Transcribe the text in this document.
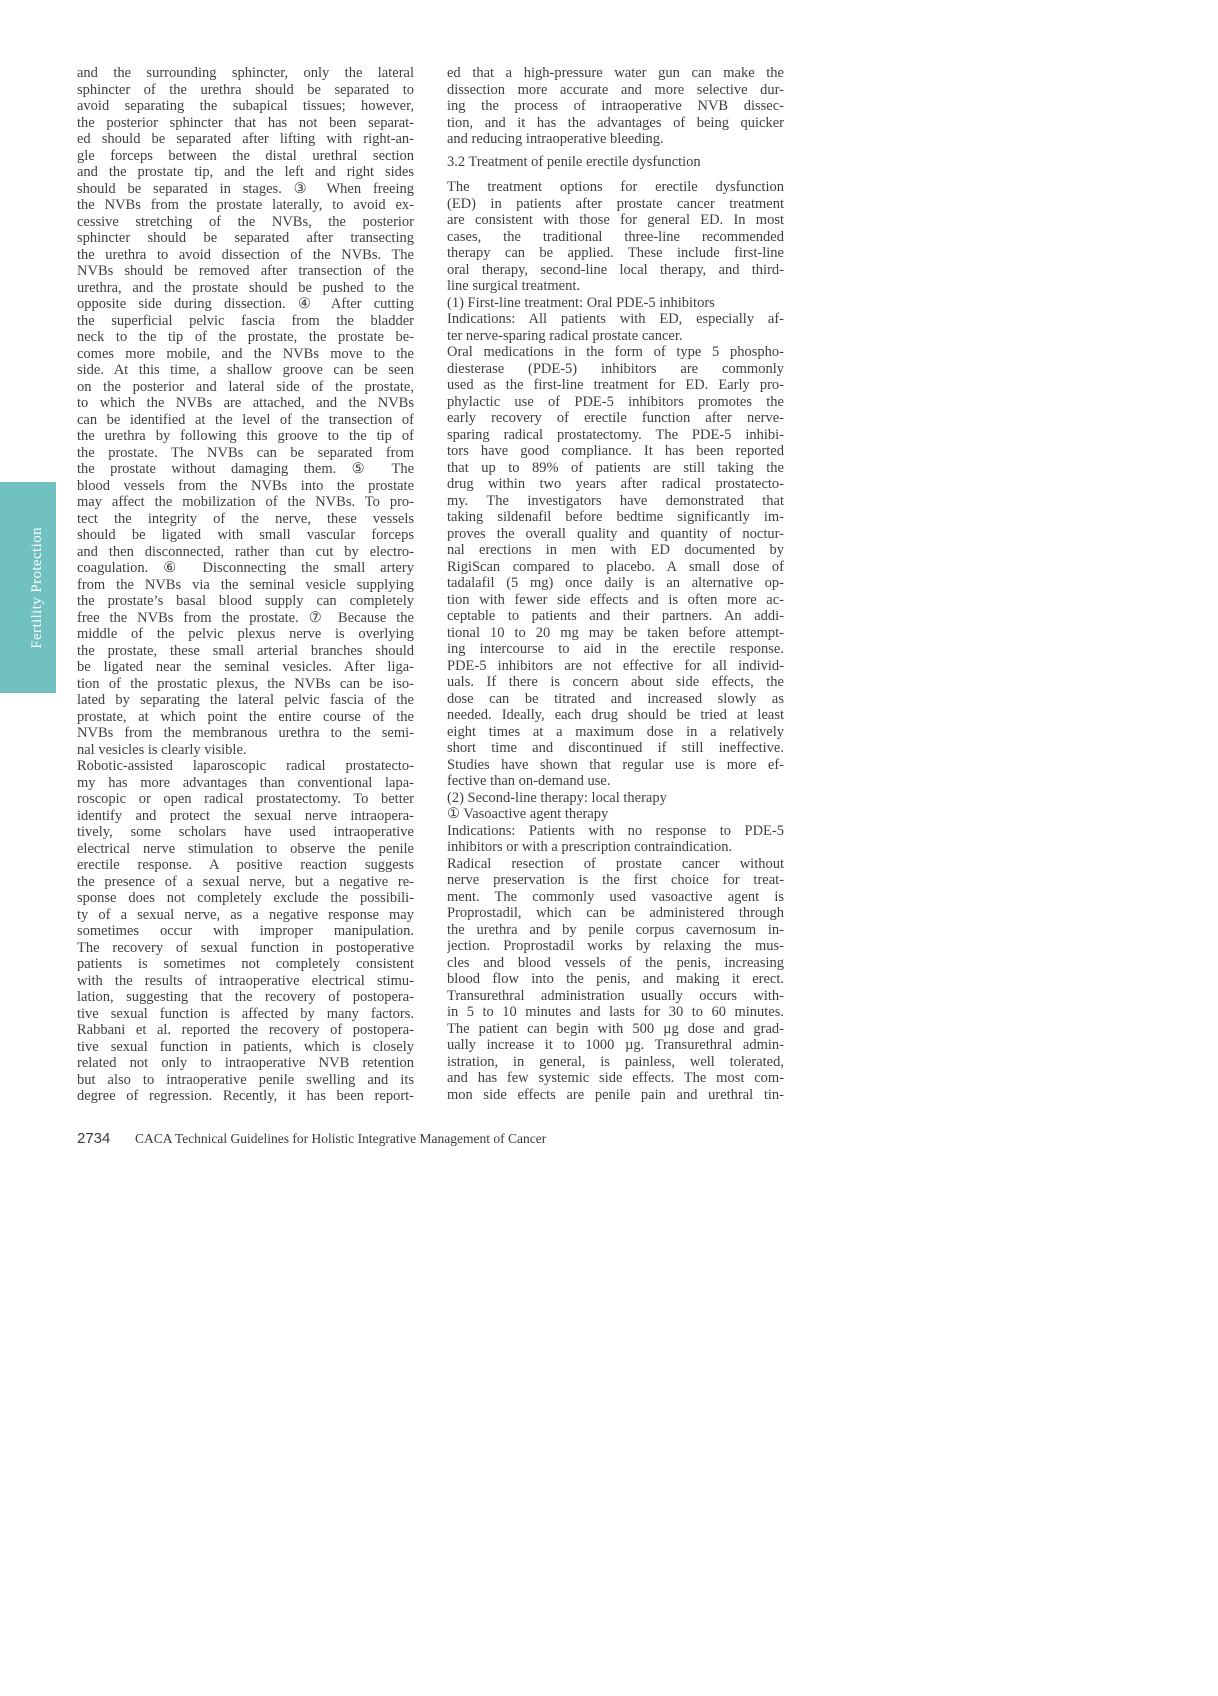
Fertility Protection
and the surrounding sphincter, only the lateral
sphincter of the urethra should be separated to
avoid separating the subapical tissues; however,
the posterior sphincter that has not been separat-
ed should be separated after lifting with right-an-
gle forceps between the distal urethral section
and the prostate tip, and the left and right sides
should be separated in stages. ③ When freeing
the NVBs from the prostate laterally, to avoid ex-
cessive stretching of the NVBs, the posterior
sphincter should be separated after transecting
the urethra to avoid dissection of the NVBs. The
NVBs should be removed after transection of the
urethra, and the prostate should be pushed to the
opposite side during dissection. ④ After cutting
the superficial pelvic fascia from the bladder
neck to the tip of the prostate, the prostate be-
comes more mobile, and the NVBs move to the
side. At this time, a shallow groove can be seen
on the posterior and lateral side of the prostate,
to which the NVBs are attached, and the NVBs
can be identified at the level of the transection of
the urethra by following this groove to the tip of
the prostate. The NVBs can be separated from
the prostate without damaging them. ⑤ The
blood vessels from the NVBs into the prostate
may affect the mobilization of the NVBs. To pro-
tect the integrity of the nerve, these vessels
should be ligated with small vascular forceps
and then disconnected, rather than cut by electro-
coagulation. ⑥ Disconnecting the small artery
from the NVBs via the seminal vesicle supplying
the prostate’s basal blood supply can completely
free the NVBs from the prostate. ⑦ Because the
middle of the pelvic plexus nerve is overlying
the prostate, these small arterial branches should
be ligated near the seminal vesicles. After liga-
tion of the prostatic plexus, the NVBs can be iso-
lated by separating the lateral pelvic fascia of the
prostate, at which point the entire course of the
NVBs from the membranous urethra to the semi-
nal vesicles is clearly visible.
Robotic-assisted laparoscopic radical prostatecto-
my has more advantages than conventional lapa-
roscopic or open radical prostatectomy. To better
identify and protect the sexual nerve intraopera-
tively, some scholars have used intraoperative
electrical nerve stimulation to observe the penile
erectile response. A positive reaction suggests
the presence of a sexual nerve, but a negative re-
sponse does not completely exclude the possibili-
ty of a sexual nerve, as a negative response may
sometimes occur with improper manipulation.
The recovery of sexual function in postoperative
patients is sometimes not completely consistent
with the results of intraoperative electrical stimu-
lation, suggesting that the recovery of postopera-
tive sexual function is affected by many factors.
Rabbani et al. reported the recovery of postopera-
tive sexual function in patients, which is closely
related not only to intraoperative NVB retention
but also to intraoperative penile swelling and its
degree of regression. Recently, it has been report-
ed that a high-pressure water gun can make the
dissection more accurate and more selective dur-
ing the process of intraoperative NVB dissec-
tion, and it has the advantages of being quicker
and reducing intraoperative bleeding.
3.2 Treatment of penile erectile dysfunction
The treatment options for erectile dysfunction
(ED) in patients after prostate cancer treatment
are consistent with those for general ED. In most
cases, the traditional three-line recommended
therapy can be applied. These include first-line
oral therapy, second-line local therapy, and third-
line surgical treatment.
(1) First-line treatment: Oral PDE-5 inhibitors
Indications: All patients with ED, especially af-
ter nerve-sparing radical prostate cancer.
Oral medications in the form of type 5 phospho-
diesterase (PDE-5) inhibitors are commonly
used as the first-line treatment for ED. Early pro-
phylactic use of PDE-5 inhibitors promotes the
early recovery of erectile function after nerve-
sparing radical prostatectomy. The PDE-5 inhibi-
tors have good compliance. It has been reported
that up to 89% of patients are still taking the
drug within two years after radical prostatecto-
my. The investigators have demonstrated that
taking sildenafil before bedtime significantly im-
proves the overall quality and quantity of noctur-
nal erections in men with ED documented by
RigiScan compared to placebo. A small dose of
tadalafil (5 mg) once daily is an alternative op-
tion with fewer side effects and is often more ac-
ceptable to patients and their partners. An addi-
tional 10 to 20 mg may be taken before attempt-
ing intercourse to aid in the erectile response.
PDE-5 inhibitors are not effective for all individ-
uals. If there is concern about side effects, the
dose can be titrated and increased slowly as
needed. Ideally, each drug should be tried at least
eight times at a maximum dose in a relatively
short time and discontinued if still ineffective.
Studies have shown that regular use is more ef-
fective than on-demand use.
(2) Second-line therapy: local therapy
① Vasoactive agent therapy
Indications: Patients with no response to PDE-5
inhibitors or with a prescription contraindication.
Radical resection of prostate cancer without
nerve preservation is the first choice for treat-
ment. The commonly used vasoactive agent is
Proprostadil, which can be administered through
the urethra and by penile corpus cavernosum in-
jection. Proprostadil works by relaxing the mus-
cles and blood vessels of the penis, increasing
blood flow into the penis, and making it erect.
Transurethral administration usually occurs with-
in 5 to 10 minutes and lasts for 30 to 60 minutes.
The patient can begin with 500 µg dose and grad-
ually increase it to 1000 µg. Transurethral admin-
istration, in general, is painless, well tolerated,
and has few systemic side effects. The most com-
mon side effects are penile pain and urethral tin-
2734	CACA Technical Guidelines for Holistic Integrative Management of Cancer
